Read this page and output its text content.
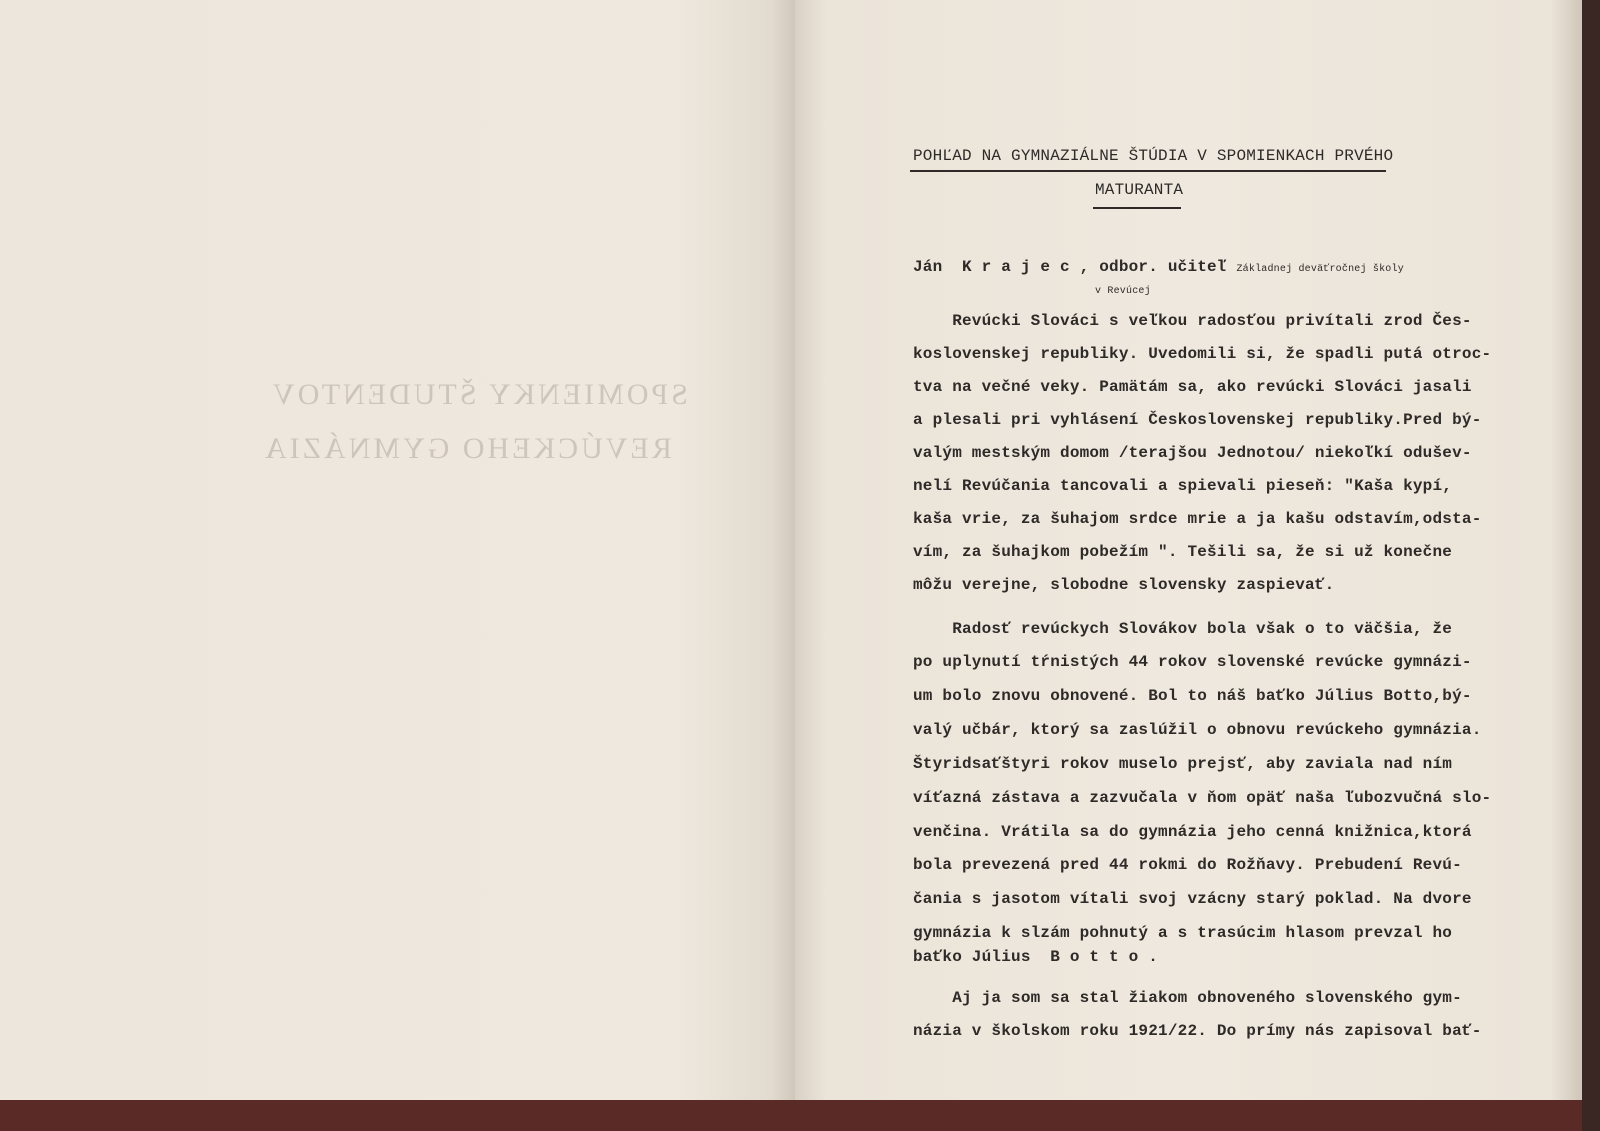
SPOMIENKY ŠTUDENTOV
REVÚCKEHO GYMNÁZIA
POHĽAD NA GYMNAZIÁLNE ŠTÚDIA V SPOMIENKACH PRVÉHO
MATURANTA
Ján  K r a j e c , odbor. učiteľ Základnej deväťročnej školy
v Revúcej
Revúcki Slováci s veľkou radosťou privítali zrod Čes-
koslovenskej republiky. Uvedomili si, že spadli putá otroc-
tva na večné veky. Pamätám sa, ako revúcki Slováci jasali
a plesali pri vyhlásení Československej republiky.Pred bý-
valým mestským domom /terajšou Jednotou/ niekoľkí odušev-
nelí Revúčania tancovali a spievali pieseň: "Kaša kypí,
kaša vrie, za šuhajom srdce mrie a ja kašu odstavím,odsta-
vím, za šuhajkom pobežím ". Tešili sa, že si už konečne
môžu verejne, slobodne slovensky zaspievať.
Radosť revúckych Slovákov bola však o to väčšia, že
po uplynutí tŕnistých 44 rokov slovenské revúcke gymnázi-
um bolo znovu obnovené. Bol to náš baťko Július Botto,bý-
valý učbár, ktorý sa zaslúžil o obnovu revúckeho gymnázia.
Štyridsaťštyri rokov muselo prejsť, aby zaviala nad ním
víťazná zástava a zazvučala v ňom opäť naša ľubozvučná slo-
venčina. Vrátila sa do gymnázia jeho cenná knižnica,ktorá
bola prevezená pred 44 rokmi do Rožňavy. Prebudení Revú-
čania s jasotom vítali svoj vzácny starý poklad. Na dvore
gymnázia k slzám pohnutý a s trasúcim hlasom prevzal ho
baťko Július  B o t t o .
Aj ja som sa stal žiakom obnoveného slovenského gym-
názia v školskom roku 1921/22. Do prímy nás zapisoval bať-
